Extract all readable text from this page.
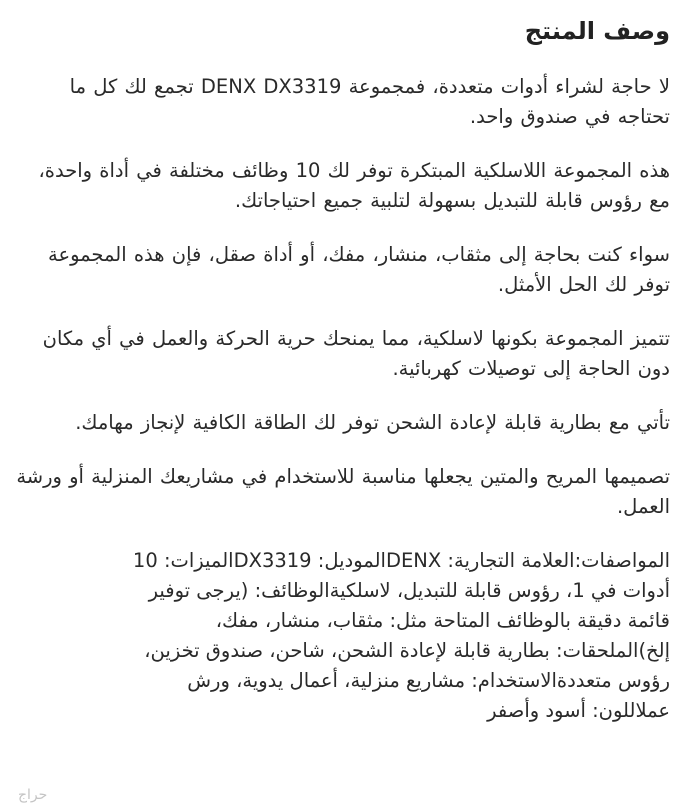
وصف المنتج

لا حاجة لشراء أدوات متعددة، فمجموعة DENX DX3319 تجمع لك كل ما تحتاجه في صندوق واحد.

هذه المجموعة اللاسلكية المبتكرة توفر لك 10 وظائف مختلفة في أداة واحدة، مع رؤوس قابلة للتبديل بسهولة لتلبية جميع احتياجاتك.

سواء كنت بحاجة إلى مثقاب، منشار، مفك، أو أداة صقل، فإن هذه المجموعة توفر لك الحل الأمثل.

تتميز المجموعة بكونها لاسلكية، مما يمنحك حرية الحركة والعمل في أي مكان دون الحاجة إلى توصيلات كهربائية.

تأتي مع بطارية قابلة لإعادة الشحن توفر لك الطاقة الكافية لإنجاز مهامك.

تصميمها المريح والمتين يجعلها مناسبة للاستخدام في مشاريعك المنزلية أو ورشة العمل.

المواصفات:العلامة التجارية: DENXالموديل: DX3319الميزات: 10
أدوات في 1، رؤوس قابلة للتبديل، لاسلكيةالوظائف: (يرجى توفير
قائمة دقيقة بالوظائف المتاحة مثل: مثقاب، منشار، مفك،
إلخ)الملحقات: بطارية قابلة لإعادة الشحن، شاحن، صندوق تخزين،
رؤوس متعددةالاستخدام: مشاريع منزلية، أعمال يدوية، ورش
عملاللون: أسود وأصفر
حراج
